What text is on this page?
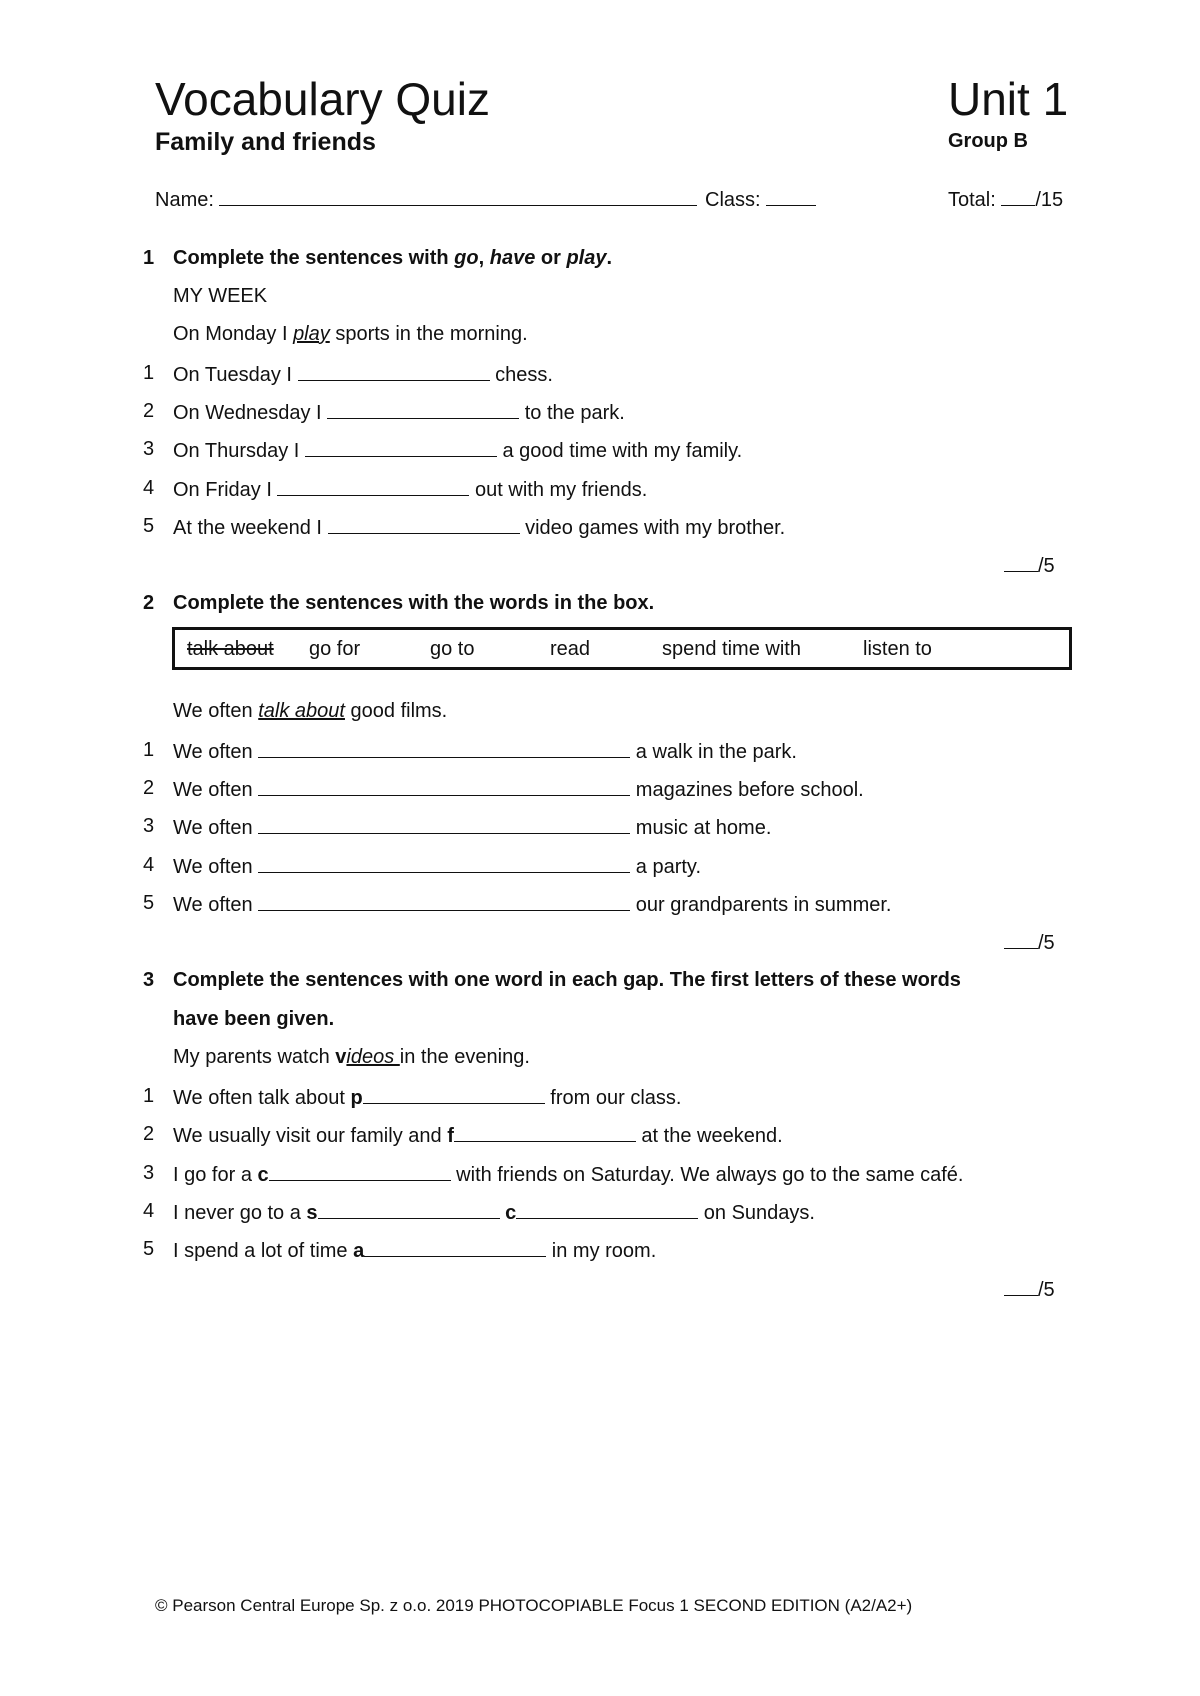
Vocabulary Quiz	Unit 1
Family and friends	Group B
Name:	Class:	Total: /15
1 Complete the sentences with go, have or play.
MY WEEK
On Monday I play sports in the morning.
1 On Tuesday I	chess.
2 On Wednesday I	to the park.
3 On Thursday I	a good time with my family.
4 On Friday I	out with my friends.
5 At the weekend I	video games with my brother.
/5
2 Complete the sentences with the words in the box.
talk about go for	go to	read	spend time with	listen to
We often talk about good films.
1 We often	a walk in the park.
2 We often	magazines before school.
3 We often	music at home.
4 We often	a party.
5 We often	our grandparents in summer.
/5
3 Complete the sentences with one word in each gap. The first letters of these words
have been given.
My parents watch videos in the evening.
1 We often talk about p	from our class.
2 We usually visit our family and f	at the weekend.
3 I go for a c	with friends on Saturday. We always go to the same café.
4 I never go to a s	c	on Sundays.
5 I spend a lot of time a	in my room.
/5
© Pearson Central Europe Sp. z o.o. 2019 PHOTOCOPIABLE Focus 1 SECOND EDITION (A2/A2+)
